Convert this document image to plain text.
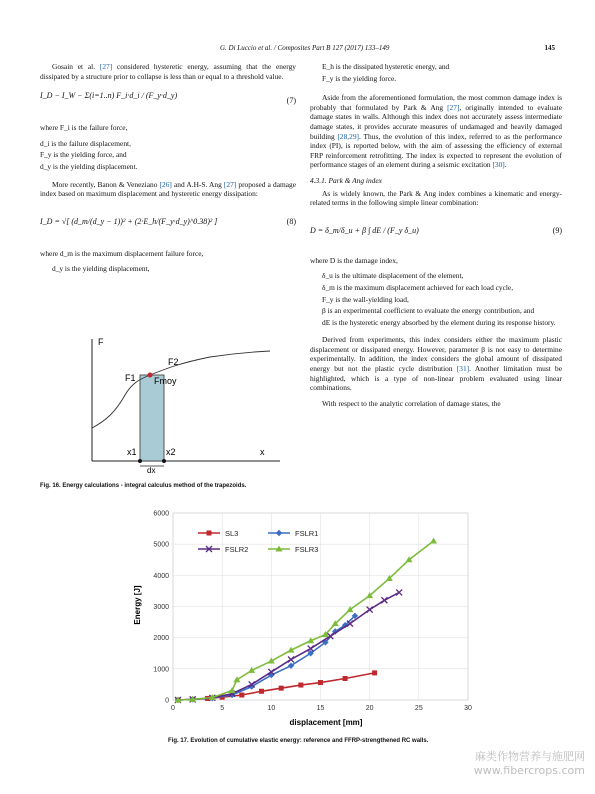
G. Di Luccio et al. / Composites Part B 127 (2017) 133–149	145

Gosain et al. [27] considered hysteretic energy, assuming that the energy dissipated by a structure prior to collapse is less than or equal to a threshold value.

I_D − I_W − Σ(i=1..n) F_i·d_i / (F_y·d_y)
(7)

where F_i is the failure force,

d_i is the failure displacement,

F_y is the yielding force, and

d_y is the yielding displacement.

More recently, Banon & Veneziano [26] and A.H-S. Ang [27] proposed a damage index based on maximum displacement and hysteretic energy dissipation:

I_D = √[ (d_m/(d_y − 1))² + (2·E_h/(F_y·d_y)^0.38)² ]	(8)

where d_m is the maximum displacement failure force,

d_y is the yielding displacement,

F
F1
F2
Fmoy
x1	x2	x
dx
Fig. 16. Energy calculations - integral calculus method of the trapezoids.

E_h is the dissipated hysteretic energy, and

F_y is the yielding force.

Aside from the aforementioned formulation, the most common damage index is probably that formulated by Park & Ang [27], originally intended to evaluate damage states in walls. Although this index does not accurately assess intermediate damage states, it provides accurate measures of undamaged and heavily damaged building [28,29]. Thus, the evolution of this index, referred to as the performance index (PI), is reported below, with the aim of assessing the efficiency of external FRP reinforcement retrofitting. The index is expected to represent the evolution of performance stages of an element during a seismic excitation [30].

4.3.1. Park & Ang index

As is widely known, the Park & Ang index combines a kinematic and energy-related terms in the following simple linear combination:

D = δ_m/δ_u + β ∫ dE / (F_y δ_u)	(9)

where D is the damage index,

δ_u is the ultimate displacement of the element,

δ_m is the maximum displacement achieved for each load cycle,

F_y is the wall-yielding load,

β is an experimental coefficient to evaluate the energy contribution, and

dE is the hysteretic energy absorbed by the element during its response history.

Derived from experiments, this index considers either the maximum plastic displacement or dissipated energy. However, parameter β is not easy to determine experimentally. In addition, the index considers the global amount of dissipated energy but not the plastic cycle distribution [31]. Another limitation must be highlighted, which is a type of non-linear problem evaluated using linear combinations.

With respect to the analytic correlation of damage states, the

0
1000
2000
3000
4000
5000
6000
0	5	10	15	20	25	30
SL3	FSLR1
FSLR2	FSLR3
displacement [mm]
Energy [J]
Fig. 17. Evolution of cumulative elastic energy: reference and FFRP-strengthened RC walls.
麻类作物营养与施肥网
www.fibercrops.com
